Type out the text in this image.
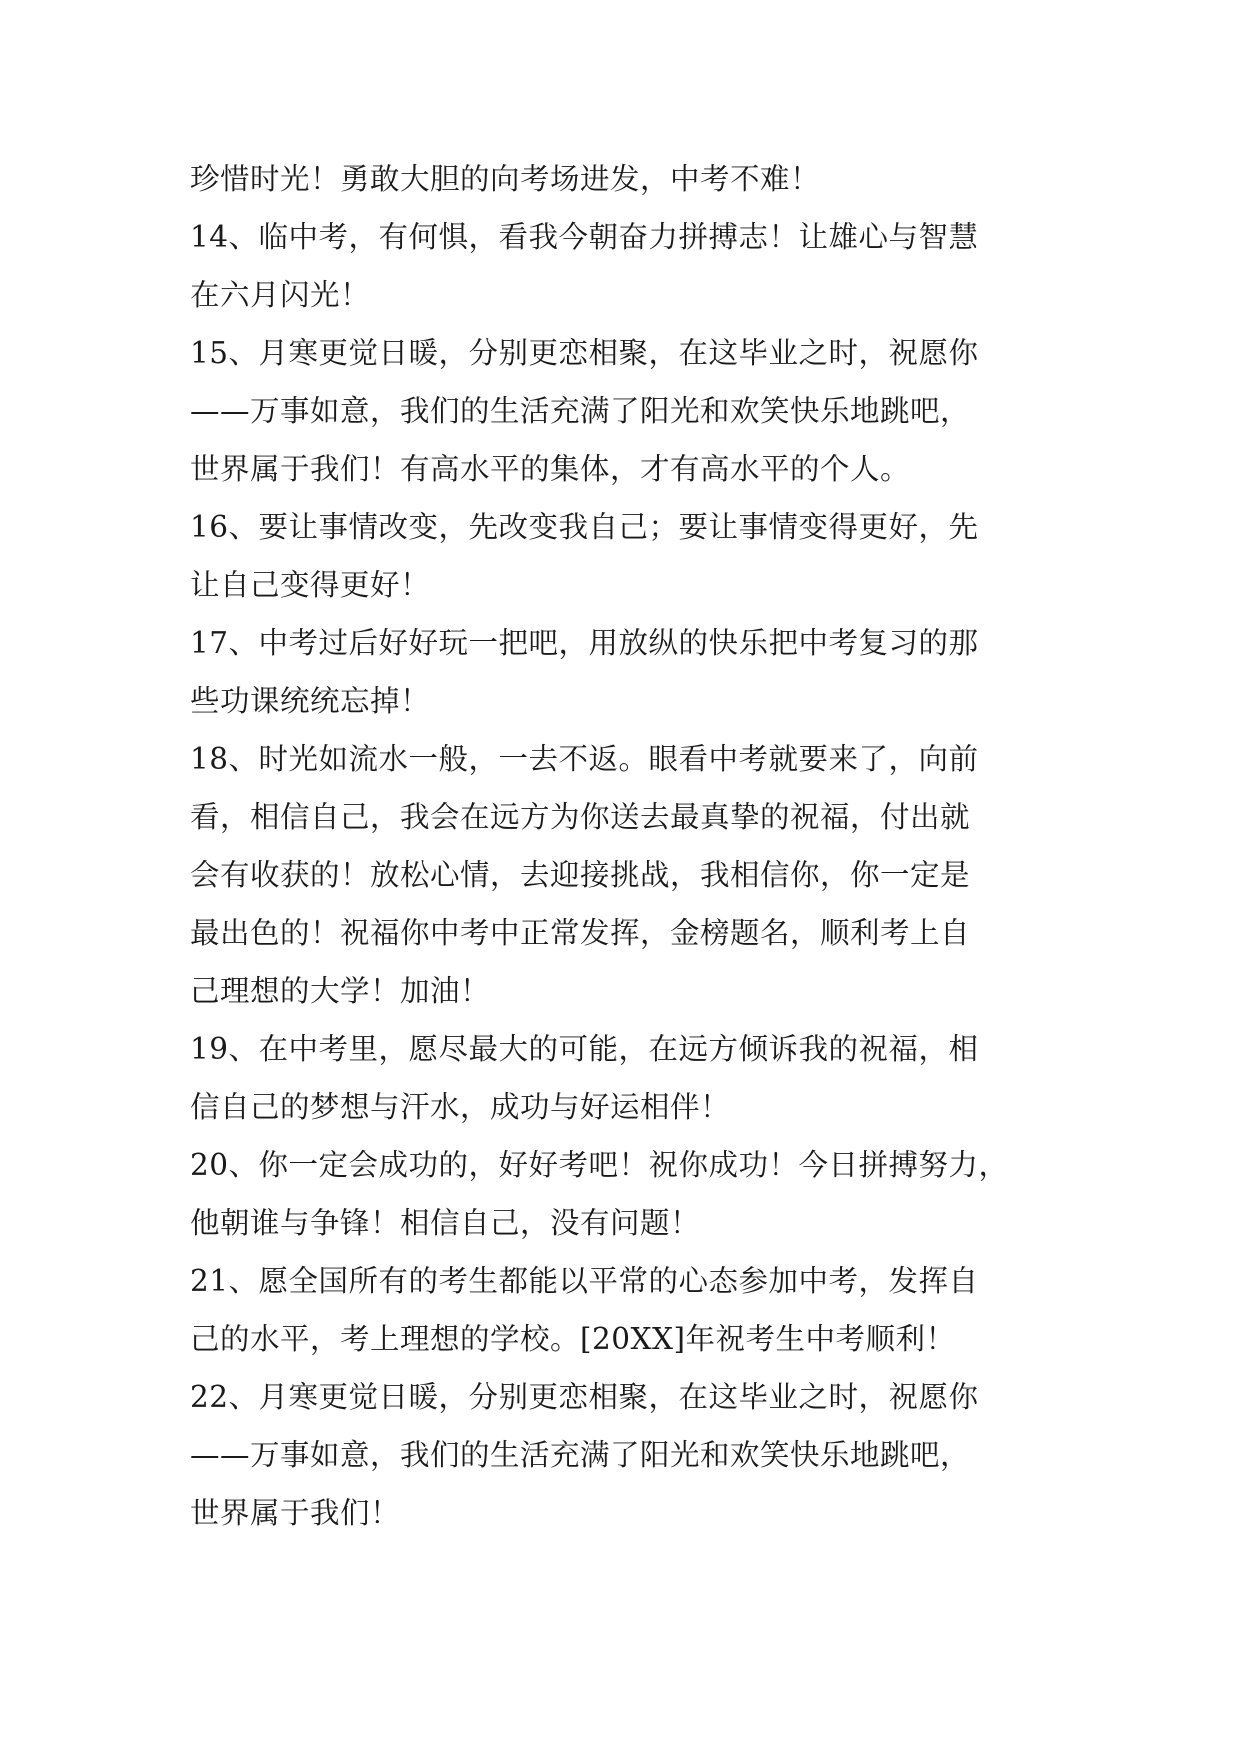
珍惜时光！勇敢大胆的向考场进发，中考不难！
14、临中考，有何惧，看我今朝奋力拼搏志！让雄心与智慧
在六月闪光！
15、月寒更觉日暖，分别更恋相聚，在这毕业之时，祝愿你
——万事如意，我们的生活充满了阳光和欢笑快乐地跳吧，
世界属于我们！有高水平的集体，才有高水平的个人。
16、要让事情改变，先改变我自己；要让事情变得更好，先
让自己变得更好！
17、中考过后好好玩一把吧，用放纵的快乐把中考复习的那
些功课统统忘掉！
18、时光如流水一般，一去不返。眼看中考就要来了，向前
看，相信自己，我会在远方为你送去最真挚的祝福，付出就
会有收获的！放松心情，去迎接挑战，我相信你，你一定是
最出色的！祝福你中考中正常发挥，金榜题名，顺利考上自
己理想的大学！加油！
19、在中考里，愿尽最大的可能，在远方倾诉我的祝福，相
信自己的梦想与汗水，成功与好运相伴！
20、你一定会成功的，好好考吧！祝你成功！今日拼搏努力，
他朝谁与争锋！相信自己，没有问题！
21、愿全国所有的考生都能以平常的心态参加中考，发挥自
己的水平，考上理想的学校。[20XX]年祝考生中考顺利！
22、月寒更觉日暖，分别更恋相聚，在这毕业之时，祝愿你
——万事如意，我们的生活充满了阳光和欢笑快乐地跳吧，
世界属于我们！
